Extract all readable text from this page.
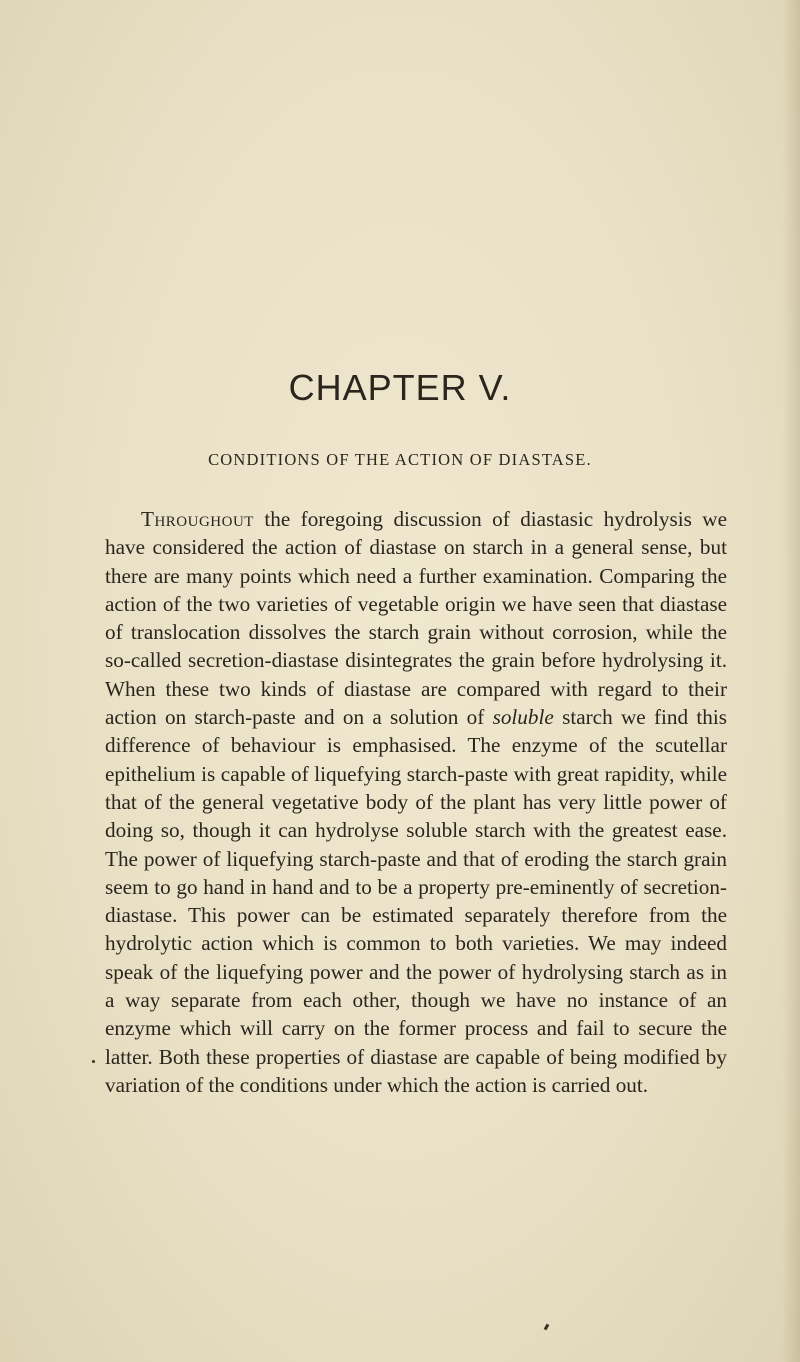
CHAPTER V.
CONDITIONS OF THE ACTION OF DIASTASE.

Throughout the foregoing discussion of diastasic hydrolysis we have considered the action of diastase on starch in a general sense, but there are many points which need a further examination. Comparing the action of the two varieties of vegetable origin we have seen that diastase of translocation dissolves the starch grain without corrosion, while the so-called secretion-diastase disintegrates the grain before hydrolysing it. When these two kinds of diastase are compared with regard to their action on starch-paste and on a solution of soluble starch we find this difference of behaviour is emphasised. The enzyme of the scutellar epithelium is capable of liquefying starch-paste with great rapidity, while that of the general vegetative body of the plant has very little power of doing so, though it can hydrolyse soluble starch with the greatest ease. The power of liquefying starch-paste and that of eroding the starch grain seem to go hand in hand and to be a property pre-eminently of secretion-diastase. This power can be estimated separately therefore from the hydrolytic action which is common to both varieties. We may indeed speak of the liquefying power and the power of hydrolysing starch as in a way separate from each other, though we have no instance of an enzyme which will carry on the former process and fail to secure the latter. Both these properties of diastase are capable of being modified by variation of the conditions under which the action is carried out.
